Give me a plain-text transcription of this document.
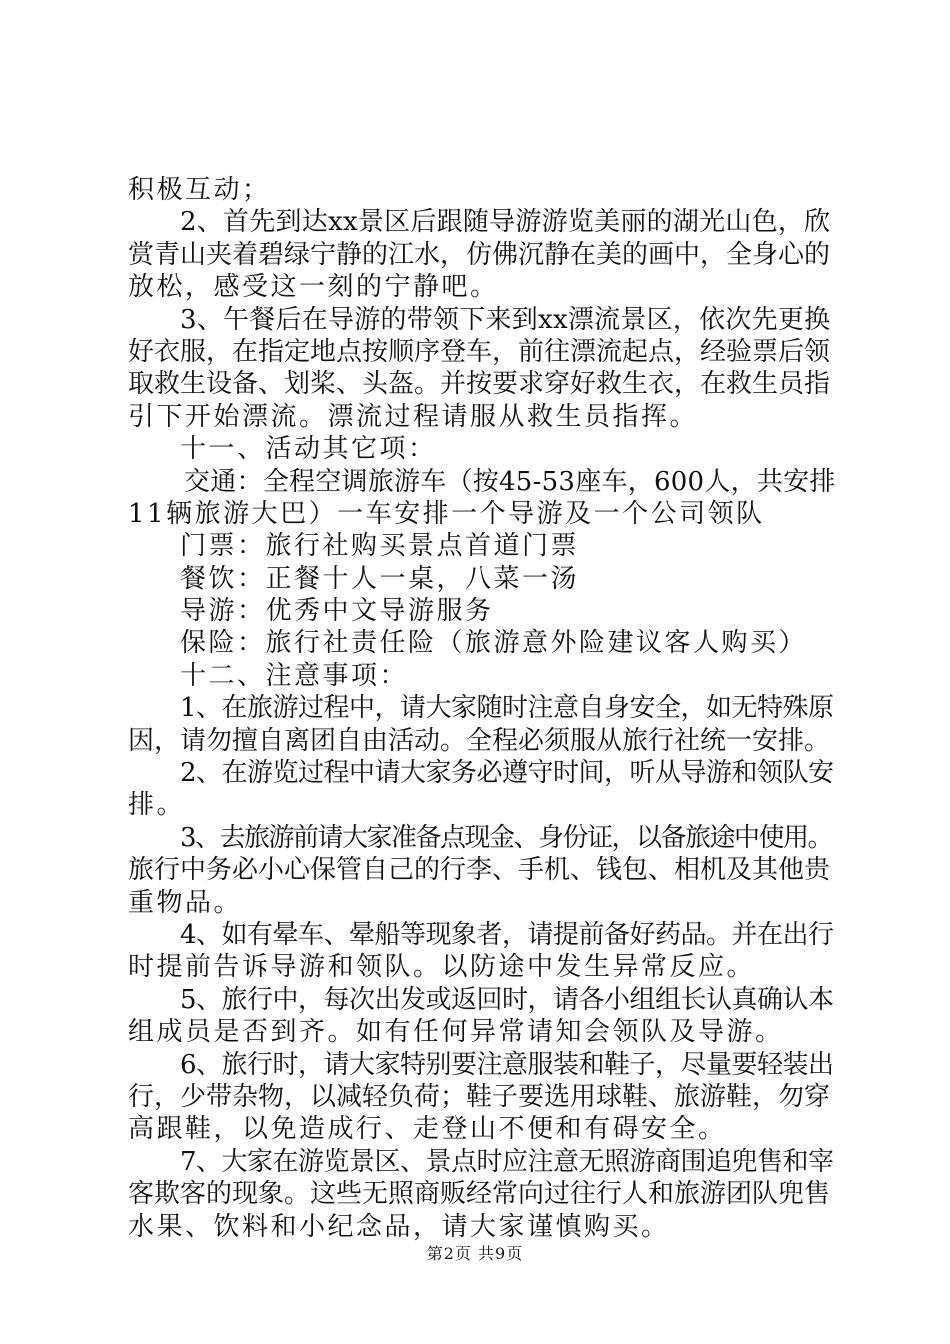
积极互动；
2、首先到达xx景区后跟随导游游览美丽的湖光山色，欣
赏青山夹着碧绿宁静的江水，仿佛沉静在美的画中，全身心的
放松，感受这一刻的宁静吧。
3、午餐后在导游的带领下来到xx漂流景区，依次先更换
好衣服，在指定地点按顺序登车，前往漂流起点，经验票后领
取救生设备、划桨、头盔。并按要求穿好救生衣，在救生员指
引下开始漂流。漂流过程请服从救生员指挥。
十一、活动其它项：
交通：全程空调旅游车（按45-53座车，600人，共安排
11辆旅游大巴）一车安排一个导游及一个公司领队
门票：旅行社购买景点首道门票
餐饮：正餐十人一桌，八菜一汤
导游：优秀中文导游服务
保险：旅行社责任险（旅游意外险建议客人购买）
十二、注意事项：
1、在旅游过程中，请大家随时注意自身安全，如无特殊原
因，请勿擅自离团自由活动。全程必须服从旅行社统一安排。
2、在游览过程中请大家务必遵守时间，听从导游和领队安
排。
3、去旅游前请大家准备点现金、身份证，以备旅途中使用。
旅行中务必小心保管自己的行李、手机、钱包、相机及其他贵
重物品。
4、如有晕车、晕船等现象者，请提前备好药品。并在出行
时提前告诉导游和领队。以防途中发生异常反应。
5、旅行中，每次出发或返回时，请各小组组长认真确认本
组成员是否到齐。如有任何异常请知会领队及导游。
6、旅行时，请大家特别要注意服装和鞋子，尽量要轻装出
行，少带杂物，以减轻负荷；鞋子要选用球鞋、旅游鞋，勿穿
高跟鞋，以免造成行、走登山不便和有碍安全。
7、大家在游览景区、景点时应注意无照游商围追兜售和宰
客欺客的现象。这些无照商贩经常向过往行人和旅游团队兜售
水果、饮料和小纪念品，请大家谨慎购买。
第2页 共9页
